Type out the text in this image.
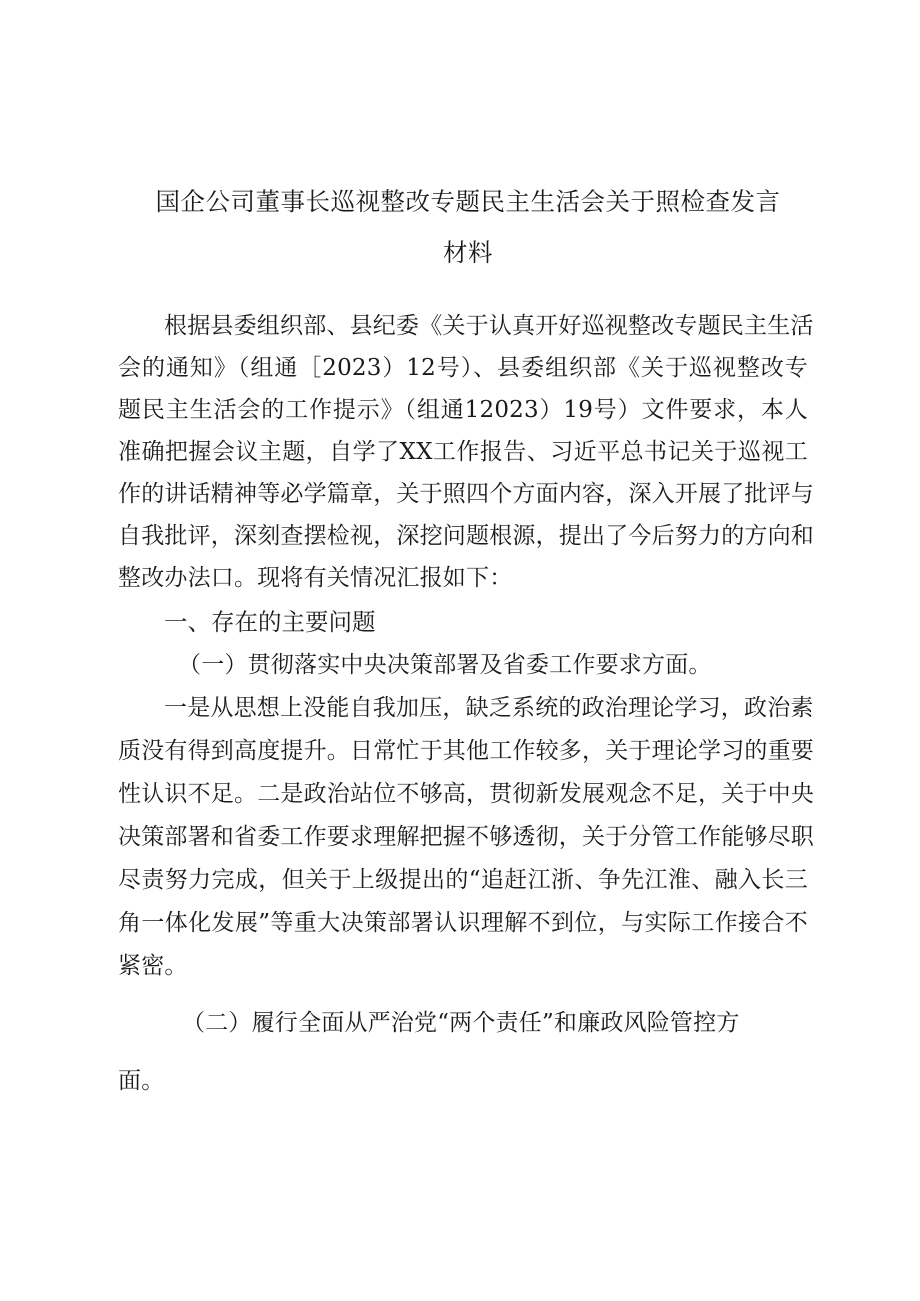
国企公司董事长巡视整改专题民主生活会关于照检查发言
材料
根据县委组织部、县纪委《关于认真开好巡视整改专题民主生活
会的通知》（组通［2023）12号）、县委组织部《关于巡视整改专
题民主生活会的工作提示》（组通12023）19号）文件要求，本人
准确把握会议主题，自学了XX工作报告、习近平总书记关于巡视工
作的讲话精神等必学篇章，关于照四个方面内容，深入开展了批评与
自我批评，深刻查摆检视，深挖问题根源，提出了今后努力的方向和
整改办法口。现将有关情况汇报如下：
一、存在的主要问题
（一）贯彻落实中央决策部署及省委工作要求方面。
一是从思想上没能自我加压，缺乏系统的政治理论学习，政治素
质没有得到高度提升。日常忙于其他工作较多，关于理论学习的重要
性认识不足。二是政治站位不够高，贯彻新发展观念不足，关于中央
决策部署和省委工作要求理解把握不够透彻，关于分管工作能够尽职
尽责努力完成，但关于上级提出的“追赶江浙、争先江淮、融入长三
角一体化发展”等重大决策部署认识理解不到位，与实际工作接合不
紧密。
（二）履行全面从严治党“两个责任”和廉政风险管控方
面。
